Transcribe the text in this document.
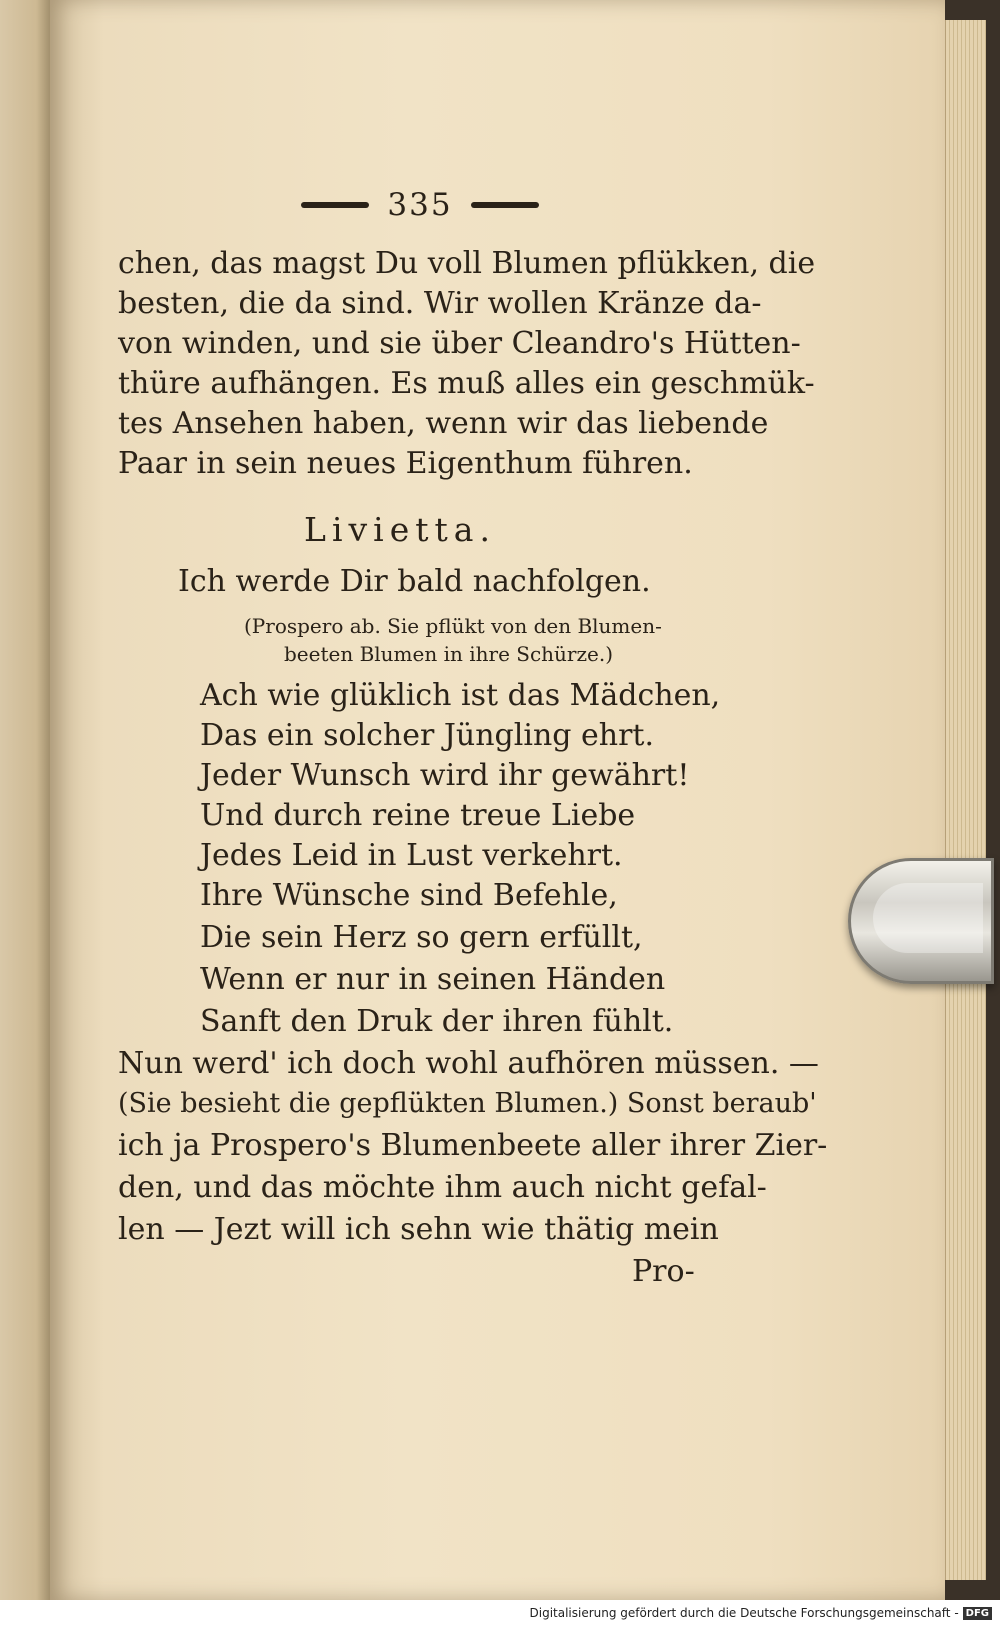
335
chen, das magst Du voll Blumen pflükken, die
besten, die da sind. Wir wollen Kränze da-
von winden, und sie über Cleandro's Hütten-
thüre aufhängen. Es muß alles ein geschmük-
tes Ansehen haben, wenn wir das liebende
Paar in sein neues Eigenthum führen.
Livietta.
Ich werde Dir bald nachfolgen.
(Prospero ab. Sie pflükt von den Blumen-
beeten Blumen in ihre Schürze.)
Ach wie glüklich ist das Mädchen,
Das ein solcher Jüngling ehrt.
Jeder Wunsch wird ihr gewährt!
Und durch reine treue Liebe
Jedes Leid in Lust verkehrt.
Ihre Wünsche sind Befehle,
Die sein Herz so gern erfüllt,
Wenn er nur in seinen Händen
Sanft den Druk der ihren fühlt.
Nun werd' ich doch wohl aufhören müssen. —
(Sie besieht die gepflükten Blumen.) Sonst beraub'
ich ja Prospero's Blumenbeete aller ihrer Zier-
den, und das möchte ihm auch nicht gefal-
len — Jezt will ich sehn wie thätig mein
Pro-
Digitalisierung gefördert durch die Deutsche Forschungsgemeinschaft - DFG
